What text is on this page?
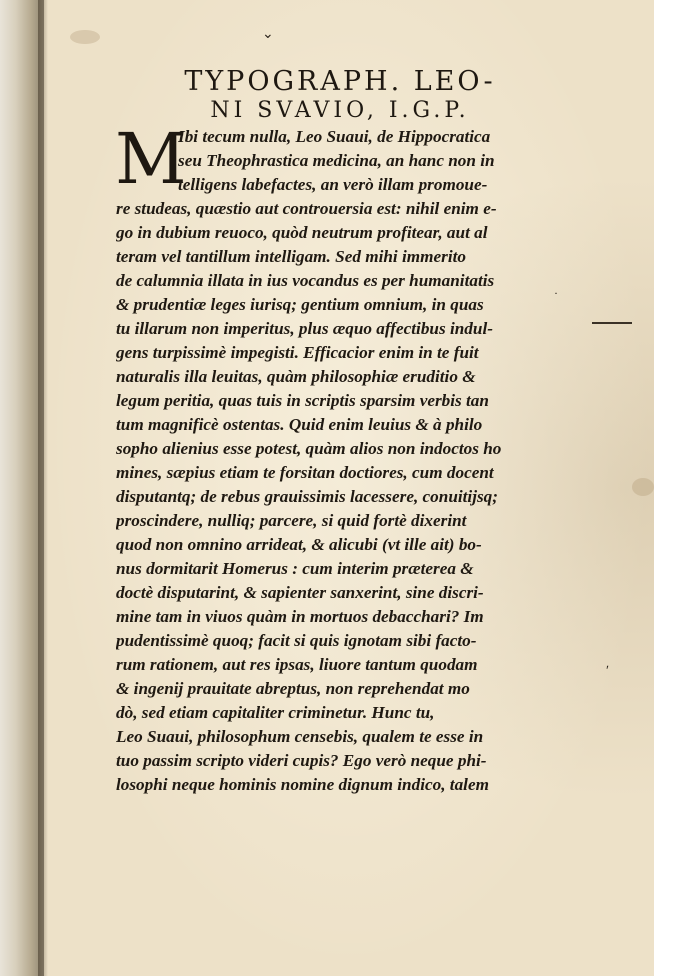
⌄
·
ʹ
TYPOGRAPH. LEO-
NI SVAVIO, I.G.P.
M
Ibi tecum nulla, Leo Suaui, de Hippocratica
seu Theophrastica medicina, an hanc non in
telligens labefactes, an verò illam promoue-
re studeas, quæstio aut controuersia est: nihil enim e-
go in dubium reuoco, quòd neutrum profitear, aut al
teram vel tantillum intelligam. Sed mihi immerito
de calumnia illata in ius vocandus es per humanitatis
& prudentiæ leges iurisq; gentium omnium, in quas
tu illarum non imperitus, plus æquo affectibus indul-
gens turpissimè impegisti. Efficacior enim in te fuit
naturalis illa leuitas, quàm philosophiæ eruditio &
legum peritia, quas tuis in scriptis sparsim verbis tan
tum magnificè ostentas. Quid enim leuius & à philo
sopho alienius esse potest, quàm alios non indoctos ho
mines, sæpius etiam te forsitan doctiores, cum docent
disputantq; de rebus grauissimis lacessere, conuitijsq;
proscindere, nulliq; parcere, si quid fortè dixerint
quod non omnino arrideat, & alicubi (vt ille ait) bo-
nus dormitarit Homerus : cum interim præterea &
doctè disputarint, & sapienter sanxerint, sine discri-
mine tam in viuos quàm in mortuos debacchari? Im
pudentissimè quoq; facit si quis ignotam sibi facto-
rum rationem, aut res ipsas, liuore tantum quodam
& ingenij prauitate abreptus, non reprehendat mo
dò, sed etiam capitaliter criminetur. Hunc tu,
Leo Suaui, philosophum censebis, qualem te esse in
tuo passim scripto videri cupis? Ego verò neque phi-
losophi neque hominis nomine dignum indico, talem
